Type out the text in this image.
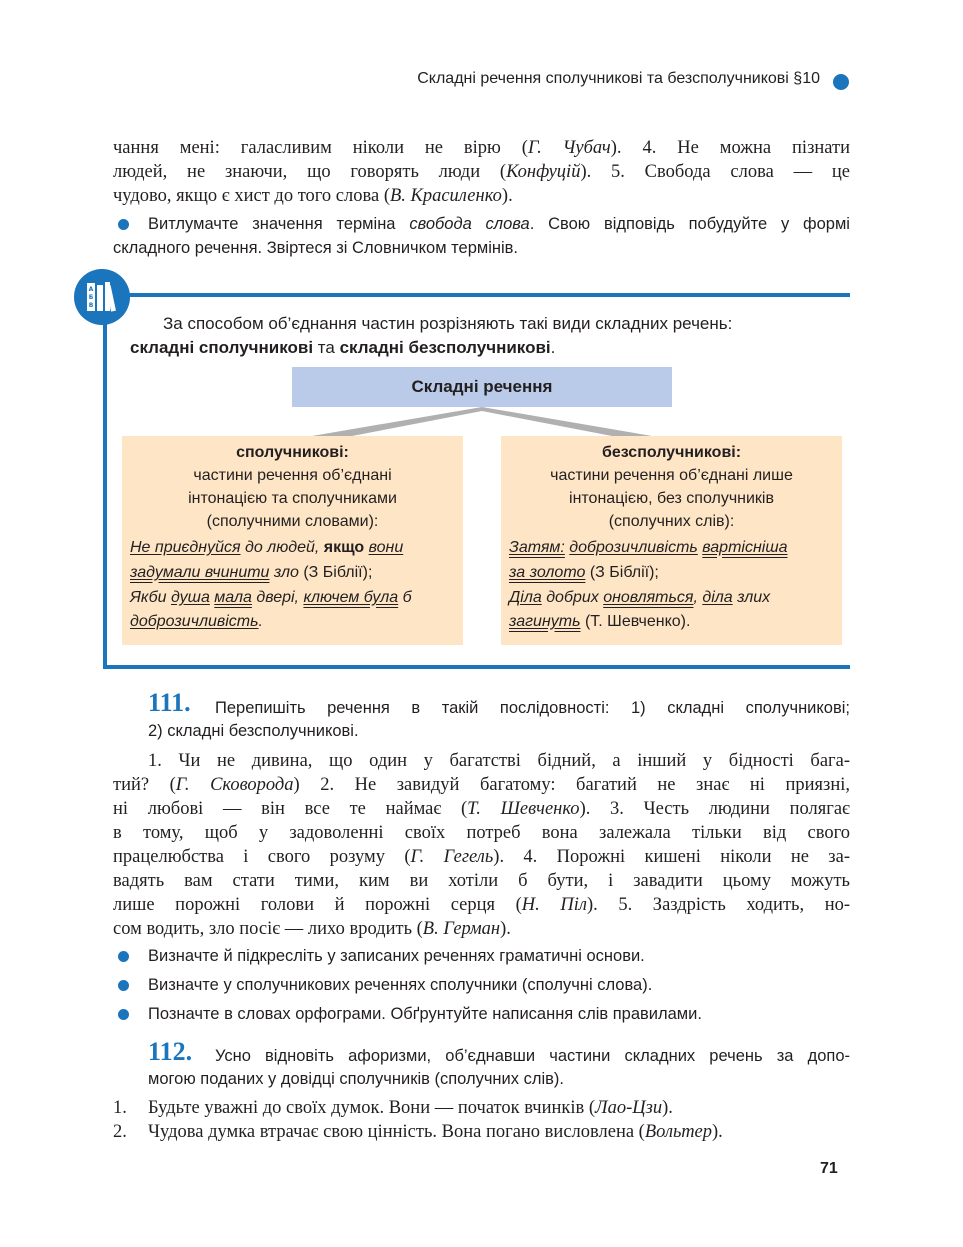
Складні речення сполучникові та безсполучникові §10
чання мені: галасливим ніколи не вірю (Г. Чубач). 4. Не можна пізнати
людей, не знаючи, що говорять люди (Конфуцій). 5. Свобода слова — це
чудово, якщо є хист до того слова (В. Красиленко).
Витлумачте значення терміна свобода слова. Свою відповідь побудуйте у формі
складного речення. Звіртеся зі Словничком термінів.
А
Б
В
За способом об’єднання частин розрізняють такі види складних речень:
складні сполучникові та складні безсполучникові.
Складні речення
сполучникові:
частини речення об’єднані
інтонацією та сполучниками
(сполучними словами):
Не приєднуйся до людей, якщо вони
задумали вчинити зло (З Біблії);
Якби душа мала двері, ключем була б
доброзичливість.
безсполучникові:
частини речення об’єднані лише
інтонацією, без сполучників
(сполучних слів):
Затям: доброзичливість вартісніша
за золото (З Біблії);
Діла добрих оновляться, діла злих
загинуть (Т. Шевченко).
111. Перепишіть речення в такій послідовності: 1) складні сполучникові;
2) складні безсполучникові.
1. Чи не дивина, що один у багатстві бідний, а інший у бідності бага-
тий? (Г. Сковорода) 2. Не завидуй багатому: багатий не знає ні приязні,
ні любові — він все те наймає (Т. Шевченко). 3. Честь людини полягає
в тому, щоб у задоволенні своїх потреб вона залежала тільки від свого
працелюбства і свого розуму (Г. Гегель). 4. Порожні кишені ніколи не за-
вадять вам стати тими, ким ви хотіли б бути, і завадити цьому можуть
лише порожні голови й порожні серця (Н. Піл). 5. Заздрість ходить, но-
сом водить, зло посіє — лихо вродить (В. Герман).
Визначте й підкресліть у записаних реченнях граматичні основи.
Визначте у сполучникових реченнях сполучники (сполучні слова).
Позначте в словах орфограми. Обґрунтуйте написання слів правилами.
112. Усно відновіть афоризми, об’єднавши частини складних речень за допо-
могою поданих у довідці сполучників (сполучних слів).
1. Будьте уважні до своїх думок. Вони — початок вчинків (Лао-Цзи).
2. Чудова думка втрачає свою цінність. Вона погано висловлена (Вольтер).
71
